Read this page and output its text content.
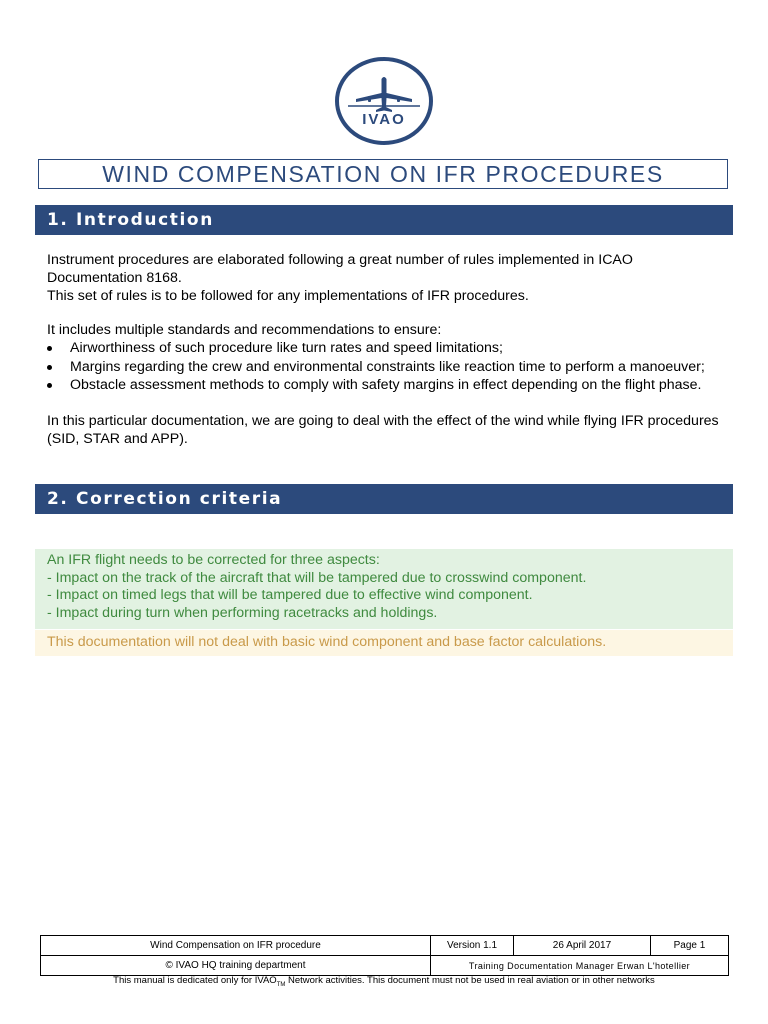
IVAO
WIND COMPENSATION ON IFR PROCEDURES
1. Introduction

Instrument procedures are elaborated following a great number of rules implemented in ICAO

Documentation 8168.

This set of rules is to be followed for any implementations of IFR procedures.

It includes multiple standards and recommendations to ensure:

Airworthiness of such procedure like turn rates and speed limitations;
Margins regarding the crew and environmental constraints like reaction time to perform a manoeuver;
Obstacle assessment methods to comply with safety margins in effect depending on the flight phase.

In this particular documentation, we are going to deal with the effect of the wind while flying IFR procedures

(SID, STAR and APP).

2. Correction criteria

An IFR flight needs to be corrected for three aspects:

- Impact on the track of the aircraft that will be tampered due to crosswind component.

- Impact on timed legs that will be tampered due to effective wind component.

- Impact during turn when performing racetracks and holdings.

This documentation will not deal with basic wind component and base factor calculations.
Wind Compensation on IFR procedure	Version 1.1	26 April 2017	Page 1
© IVAO HQ training department	Training Documentation Manager Erwan L'hotellier		
This manual is dedicated only for $IVAO_{TM}$ Network activities. This document must not be used in real aviation or in other networks
